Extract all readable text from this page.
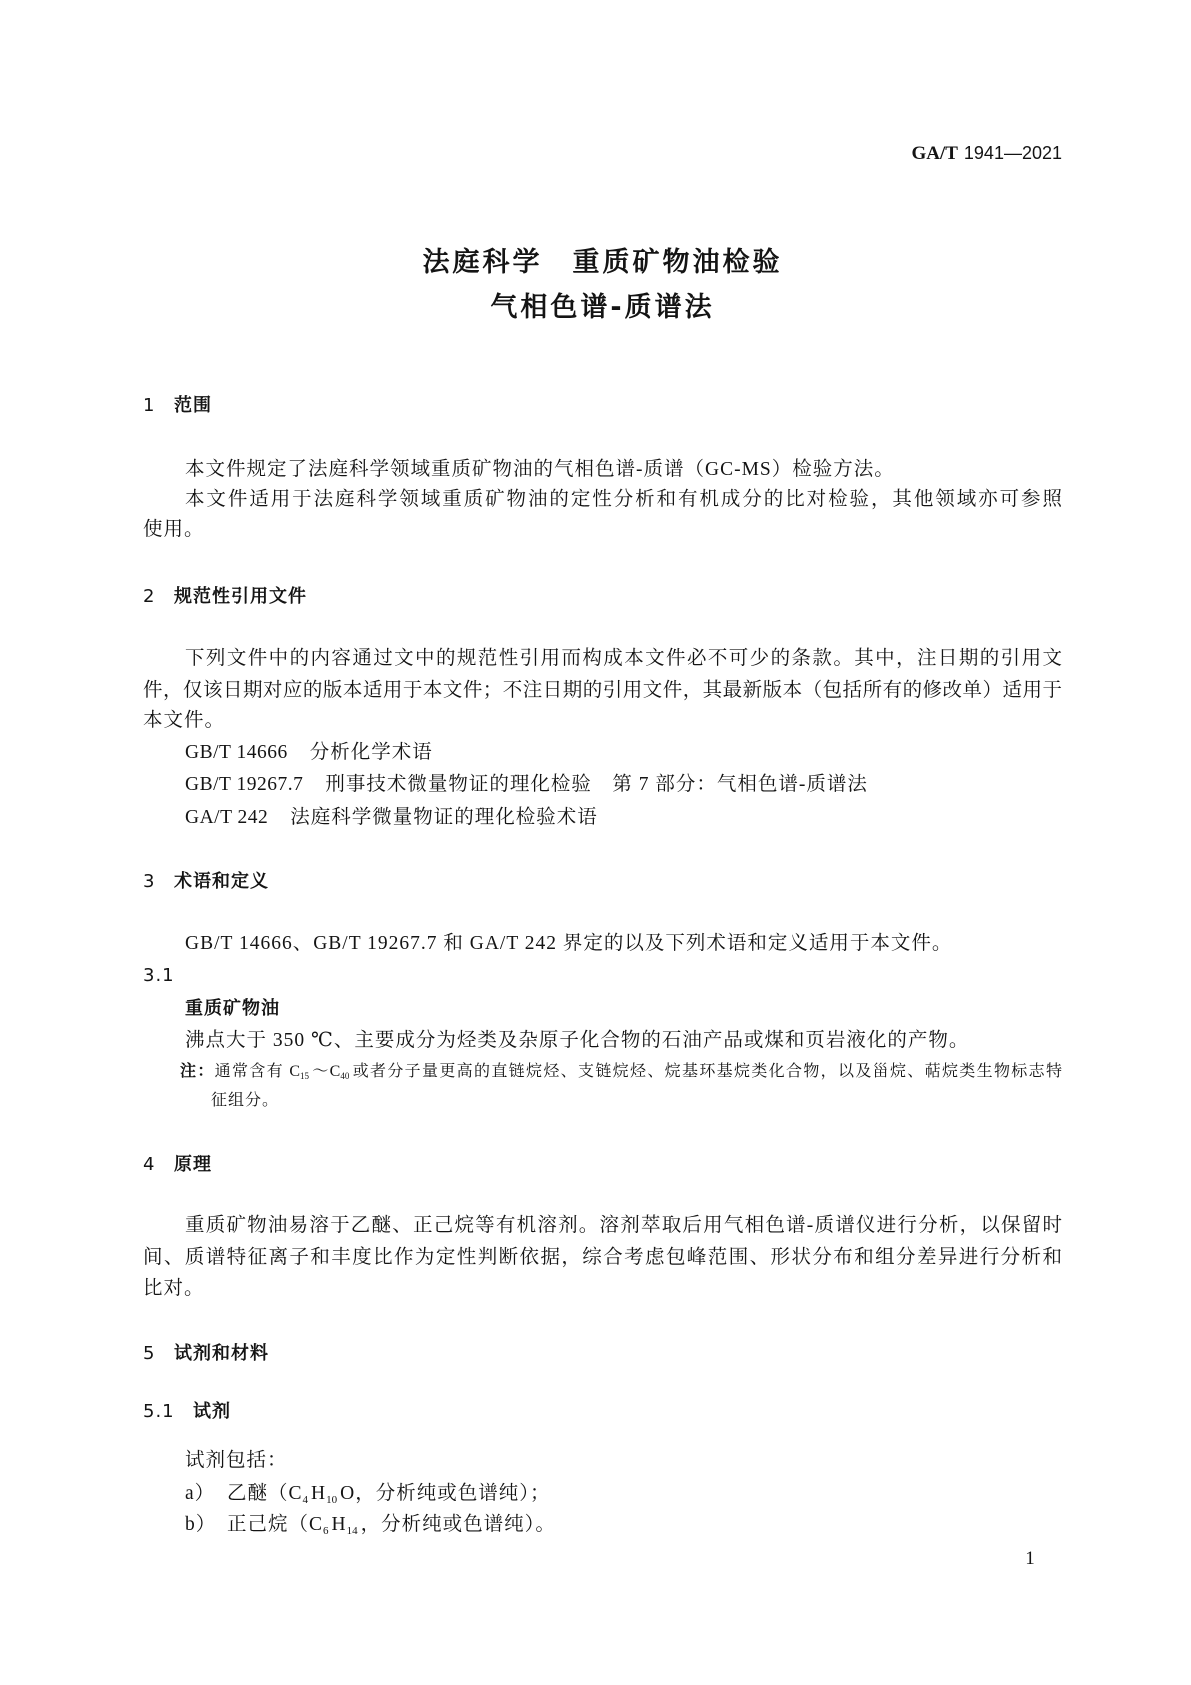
GA/T 1941—2021
法庭科学　重质矿物油检验
气相色谱-质谱法
1 范围
本文件规定了法庭科学领域重质矿物油的气相色谱-质谱（GC-MS）检验方法。
本文件适用于法庭科学领域重质矿物油的定性分析和有机成分的比对检验，其他领域亦可参照
使用。
2 规范性引用文件
下列文件中的内容通过文中的规范性引用而构成本文件必不可少的条款。其中，注日期的引用文
件，仅该日期对应的版本适用于本文件；不注日期的引用文件，其最新版本（包括所有的修改单）适用于
本文件。
GB/T 14666 分析化学术语
GB/T 19267.7 刑事技术微量物证的理化检验　第 7 部分：气相色谱-质谱法
GA/T 242 法庭科学微量物证的理化检验术语
3 术语和定义
GB/T 14666、GB/T 19267.7 和 GA/T 242 界定的以及下列术语和定义适用于本文件。
3.1
重质矿物油
沸点大于 350 ℃、主要成分为烃类及杂原子化合物的石油产品或煤和页岩液化的产物。
注：通常含有 C15 ～C40 或者分子量更高的直链烷烃、支链烷烃、烷基环基烷类化合物，以及甾烷、萜烷类生物标志特
征组分。
4 原理
重质矿物油易溶于乙醚、正己烷等有机溶剂。溶剂萃取后用气相色谱-质谱仪进行分析，以保留时
间、质谱特征离子和丰度比作为定性判断依据，综合考虑包峰范围、形状分布和组分差异进行分析和
比对。
5 试剂和材料
5.1 试剂
试剂包括：
a） 乙醚（$C_4$ $H_{10}$ O，分析纯或色谱纯）；
b） 正己烷（$C_6$ $H_{14}$ ，分析纯或色谱纯）。
1
